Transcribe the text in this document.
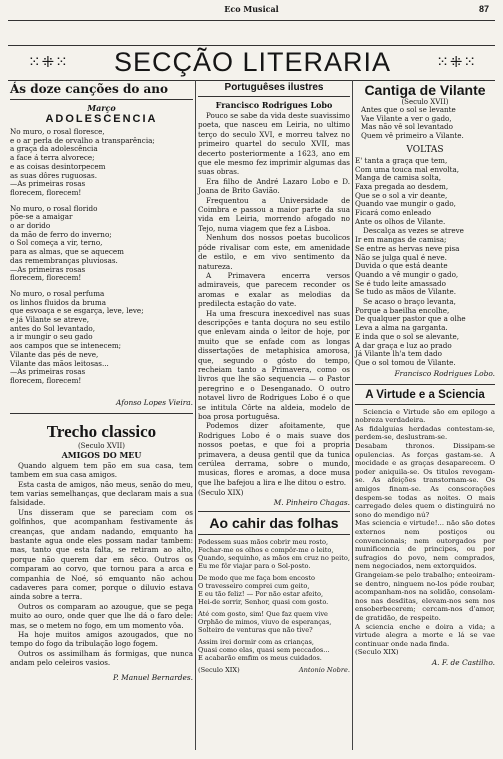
Eco Musical	87
⁙⁜⁙	SECÇÃO LITERARIA	⁙⁜⁙

Ás doze canções do ano

Março

ADOLESCENCIA

No muro, o rosal floresce,
e o ar perla de orvalho a transparência;
a graça da adolescência
a face á terra alvorece;
e as coisas desintorpecem
as suas dôres ruguosas.
—As primeiras rosas
florecem, florecem!
No muro, o rosal florido
põe-se a amaigar
o ar dorido
da mão de ferro do inverno;
o Sol começa a vir, terno,
para as almas, que se aquecem
das remembranças pluviosas.
—As primeiras rosas
florecem, florecem!
No muro, o rosal perfuma
os linhos fluidos da bruma
que esvoaça e se esgarça, leve, leve;
e já Vilante se atreve,
antes do Sol levantado,
a ir mungir o seu gado
aos campos que se intenecem;
Vilante das pés de neve,
Vilante das mãos leitosas...
—As primeiras rosas
florecem, florecem!

Afonso Lopes Vieira.

Trecho classico

(Seculo XVII)

AMIGOS DO MEU

Quando alguem tem pão em sua casa, tem tambem em sua casa amigos.

Esta casta de amigos, não meus, senão do meu, tem varias semelhanças, que declaram mais a sua falsidade.

Uns disseram que se pareciam com os golfinhos, que acompanham festivamente ás creanças, que andam nadando, emquanto ha bastante agua onde eles possam nadar tambem: mas, tanto que esta falta, se retiram ao alto, porque não querem dar em sêco. Outros os comparam ao corvo, que tornou para a arca e companhia de Noé, só emquanto não achou cadaveres para comer, porque o diluvio estava ainda sobre a terra.

Outros os comparam ao azougue, que se pega muito ao ouro, onde quer que lhe dá o faro dele: mas, se o metem no fogo, em um momento vôa.

Ha hoje muitos amigos azougados, que no tempo do fogo da tribulação logo fogem.

Outros os assimilham ás formigas, que nunca andam pelo celeiros vasios.

P. Manuel Bernardes.

Portuguêses ilustres

Francisco Rodrigues Lobo

Pouco se sabe da vida deste suavissimo poeta, que nasceu em Leiria, no ultimo terço do seculo XVI, e morreu talvez no primeiro quartel do seculo XVII, mas decerto posteriormente a 1623, ano em que ele mesmo fez imprimir algumas das suas obras.

Era filho de André Lazaro Lobo e D. Joana de Brito Gavião.

Frequentou a Universidade de Coimbra e passou a maior parte da sua vida em Leiria, morrendo afogado no Tejo, numa viagem que fez a Lisboa.

Nenhum dos nossos poetas bucolicos póde rivalisar com este, em amenidade de estilo, e em vivo sentimento da natureza.

A Primavera encerra versos admiraveis, que parecem reconder os aromas e exalar as melodias da predilecta estação do vate.

Ha uma frescura inexcedivel nas suas descripções e tanta doçura no seu estilo que enlevam ainda o leitor de hoje, por muito que se enfade com as longas dissertações de metaphisica amorosa, que, segundo o gósto do tempo, recheiam tanto a Primavera, como os livros que lhe são sequencia — o Pastor peregrino e o Desenganado. O outro notavel livro de Rodrigues Lobo é o que se intitula Côrte na aldeia, modelo de boa prosa portuguêsa.

Podemos dizer afoitamente, que Rodrigues Lobo é o mais suave dos nossos poetas, e que foi a propria primavera, a deusa gentil que da tunica cerúlea derrama, sobre o mundo, musicas, flores e aromas, a doce musa que lhe bafejou a lira e lhe ditou o estro.

(Seculo XIX)

M. Pinheiro Chagas.

Ao cahir das folhas

Podessem suas mãos cobrir meu rosto,
Fechar-me os olhos e compôr-me o leito,
Quando, sequinho, as mãos em cruz no peito,
Eu me fôr viajar para o Sol-posto.
De modo que me faça bom encosto
O travesseiro comprei cum geito,
E eu tão feliz! — Por não estar afeito,
Hei-de sorrir, Senhor, quasi com gosto.
Até com gosto, sim! Que faz quem vive
Orphão de mimos, viuvo de esperanças,
Solteiro de venturas que não tive?
Assim irei dormir com as crianças,
Quasi como elas, quasi sem peccados...
E acabarão emfim os meus cuidados.
(Seculo XIX)	Antonio Nobre.

Cantiga de Vilante

(Seculo XVII)

Antes que o sol se levante
Vae Vilante a ver o gado,
Mas não vê sol levantado
Quem vê primeiro a Vilante.

VOLTAS

E' tanta a graça que tem,
Com uma touca mal envolta,
Manga de camisa solta,
Faxa pregada ao desdem,
Que se o sol a vir deante,
Quando vae mungir o gado,
Ficará como enleado
Ante os olhos de Vilante.
Descalça as vezes se atreve
Ir em mangas de camisa;
Se entre as hervas neve pisa
Não se julga qual é neve.
Duvida o que está deante
Quando a vê mungir o gado,
Se é tudo leite amassado
Se tudo as mãos de Vilante.
Se acaso o braço levanta,
Porque a baeilha encolhe,
De qualquer pastor que a olhe
Leva a alma na garganta.
E inda que o sol se alevante,
A dar graça e luz ao prado
Já Vilante lh'a tem dado
Que o sol tomou de Vilante.

Francisco Rodrigues Lobo.

A Virtude e a Sciencia

Sciencia e Virtude são em epilogo a nobreza verdadeira.
As fidalguias herdadas contestam-se, perdem-se, deslustram-se.
Desabam thronos. Dissipam-se opulencias. As forças gastam-se. A mocidade e as graças desaparecem. O poder aniquila-se. Os titulos revogam-se. As afeições transtornam-se. Os amigos finam-se. As conscorações despem-se todas as noites. O mais carregado deles quem o distinguirá no sono do mendigo nú?
Mas sciencia e virtude!... não são dotes externos nem postiços ou convencionais; nem outorgados por munificencia de principes, ou por sufragios do povo, nem comprados, nem negociados, nem extorquidos.
Grangeiam-se pelo trabalho; enteoiram-se dentro, ninguem no-los póde roubar, acompanham-nos na solidão, consolam-nos nas desditas, elevam-nos sem nos ensoberbecerem; cercam-nos d'amor, de gratidão, de respeito.
A sciencia enche e doira a vida; a virtude alegra a morte e lá se vae continuar onde nada finda.

(Seculo XIX)

A. F. de Castilho.
